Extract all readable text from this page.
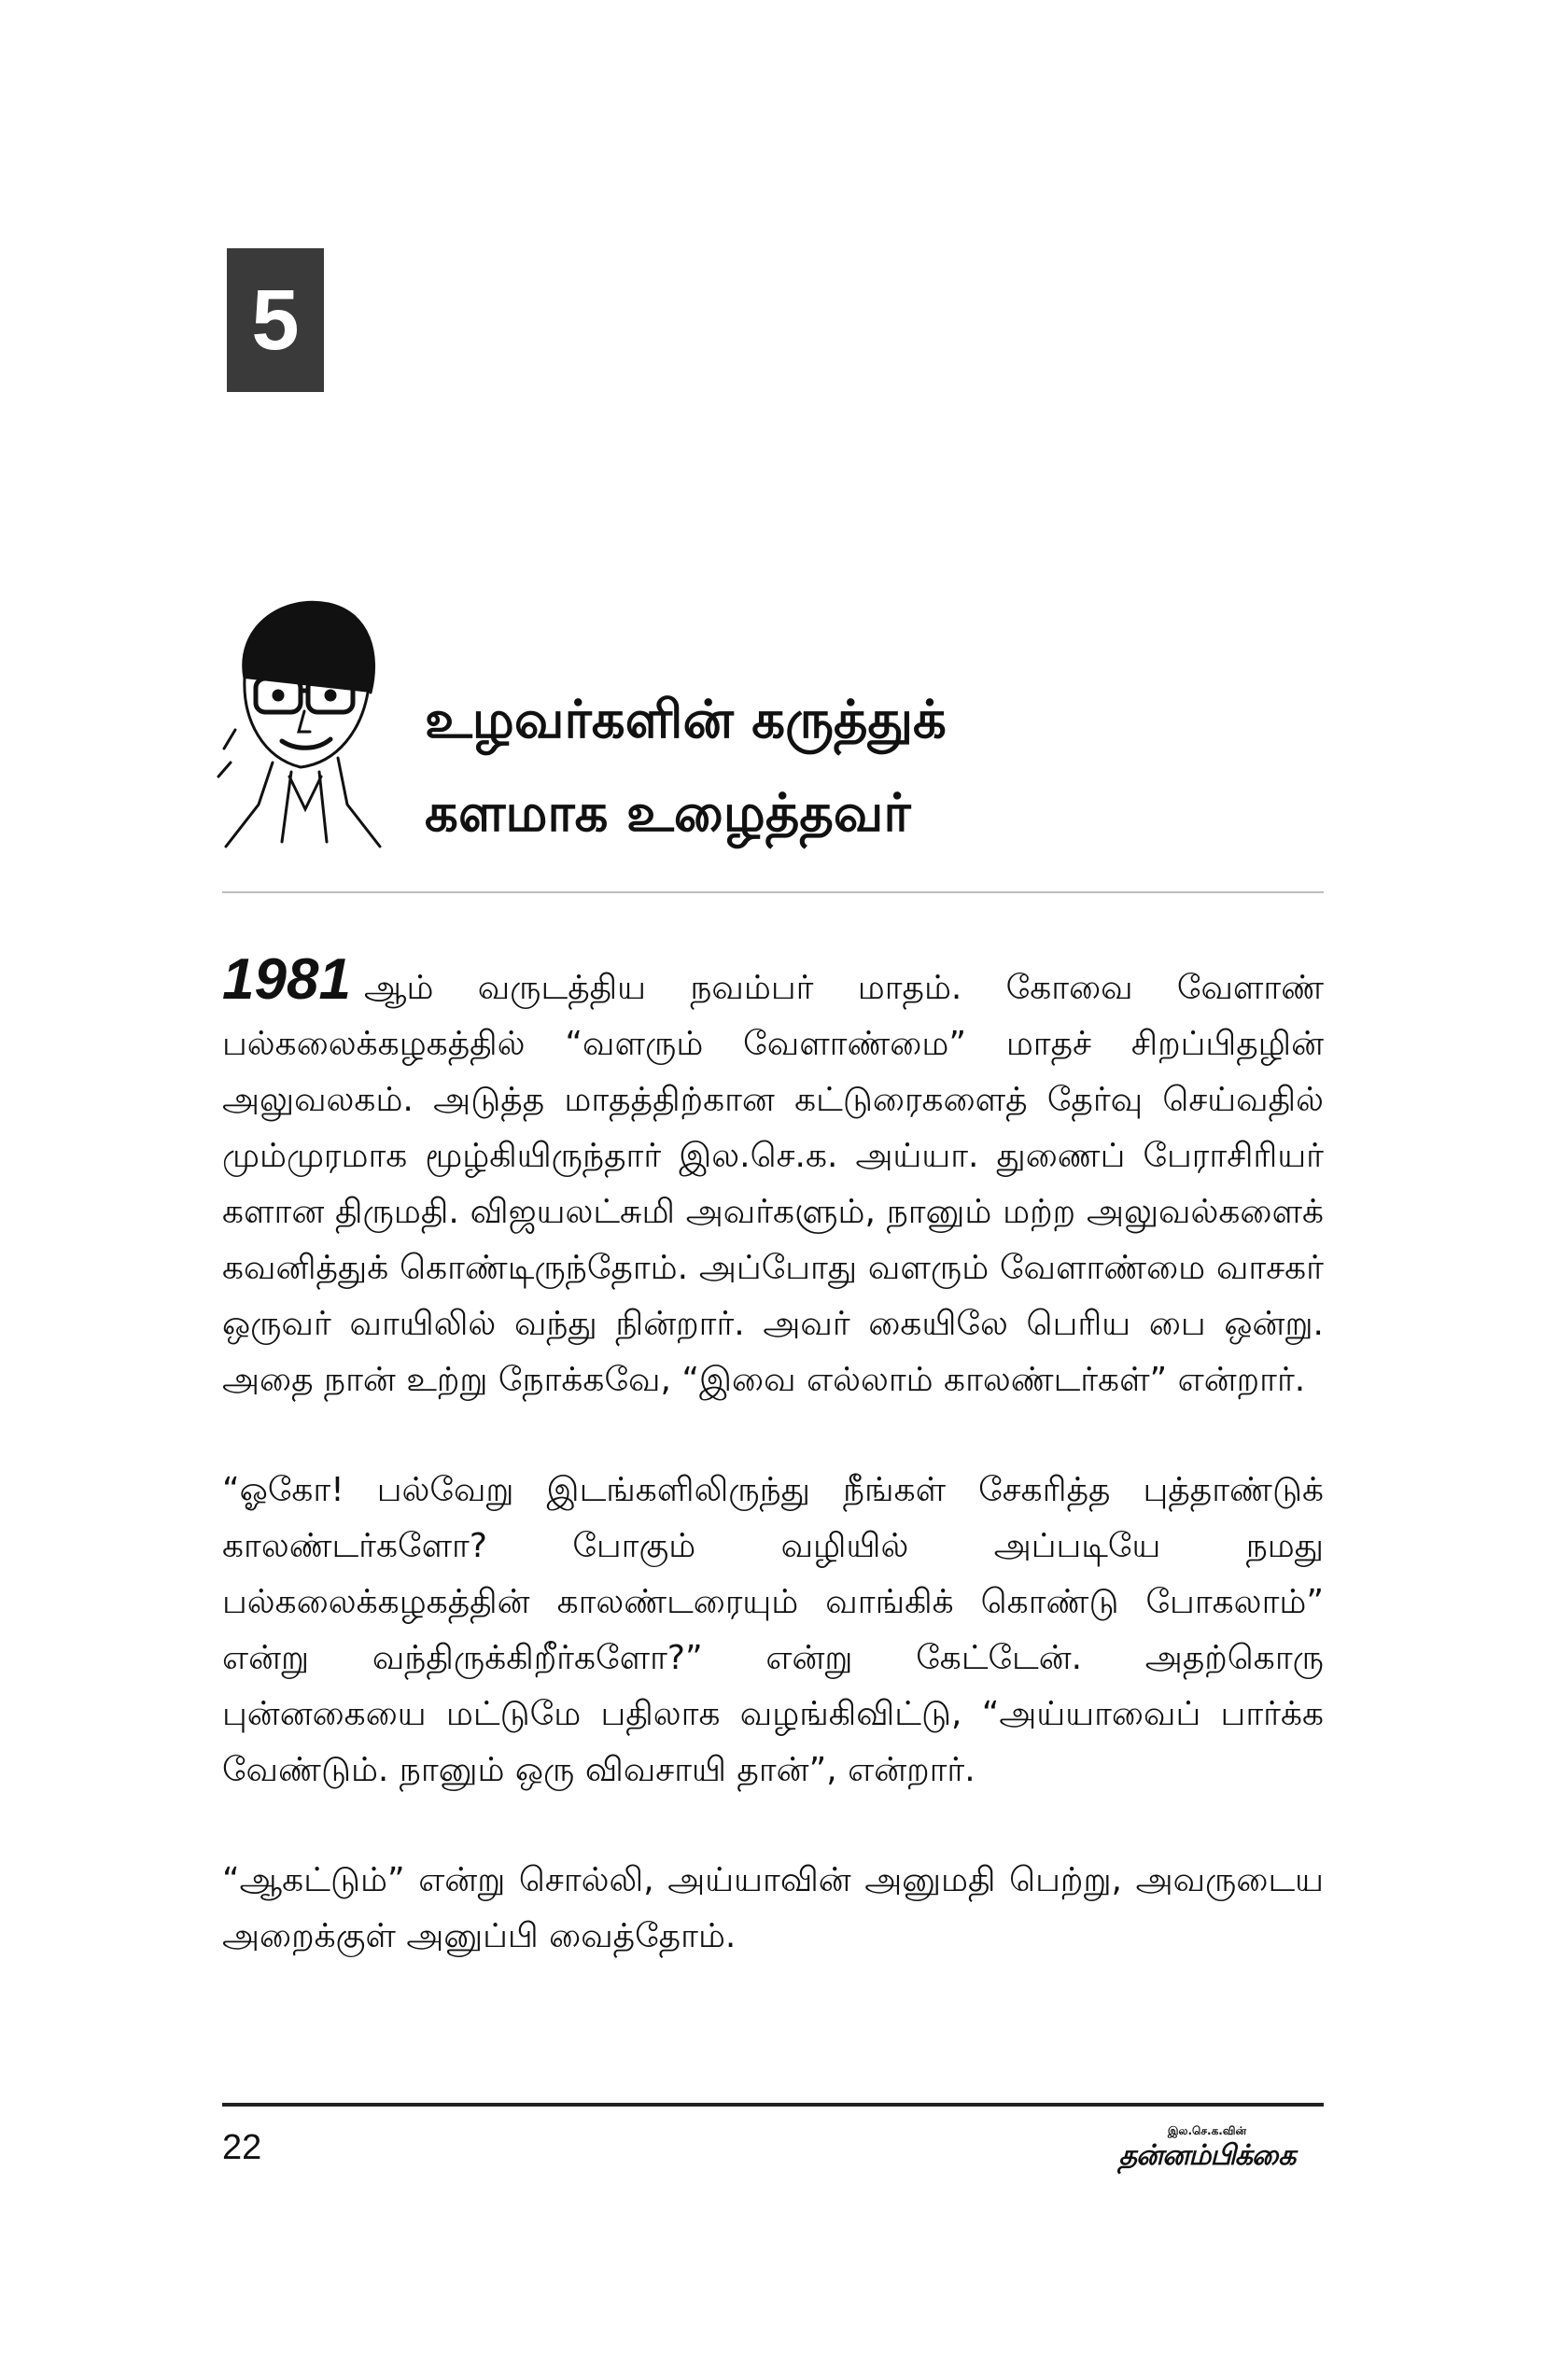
5
உழவர்களின் கருத்துக்
களமாக உழைத்தவர்

1981 ஆம் வருடத்திய நவம்பர் மாதம். கோவை வேளாண் பல்கலைக்கழகத்தில் “வளரும் வேளாண்மை” மாதச் சிறப்பிதழின் அலுவலகம். அடுத்த மாதத்திற்கான கட்டுரைகளைத் தேர்வு செய்வதில் மும்முரமாக மூழ்கியிருந்தார் இல.செ.க. அய்யா. துணைப் பேராசிரியர் களான திருமதி. விஜயலட்சுமி அவர்களும், நானும் மற்ற அலுவல்களைக் கவனித்துக் கொண்டிருந்தோம். அப்போது வளரும் வேளாண்மை வாசகர் ஒருவர் வாயிலில் வந்து நின்றார். அவர் கையிலே பெரிய பை ஒன்று. அதை நான் உற்று நோக்கவே, “இவை எல்லாம் காலண்டர்கள்” என்றார்.

“ஓகோ! பல்வேறு இடங்களிலிருந்து நீங்கள் சேகரித்த புத்தாண்டுக் காலண்டர்களோ? போகும் வழியில் அப்படியே நமது பல்கலைக்கழகத்தின் காலண்டரையும் வாங்கிக் கொண்டு போகலாம்” என்று வந்திருக்கிறீர்களோ?” என்று கேட்டேன். அதற்கொரு புன்னகையை மட்டுமே பதிலாக வழங்கிவிட்டு, “அய்யாவைப் பார்க்க வேண்டும். நானும் ஒரு விவசாயி தான்”, என்றார்.

“ஆகட்டும்” என்று சொல்லி, அய்யாவின் அனுமதி பெற்று, அவருடைய அறைக்குள் அனுப்பி வைத்தோம்.

22	இல.செ.க.வின்
தன்னம்பிக்கை
